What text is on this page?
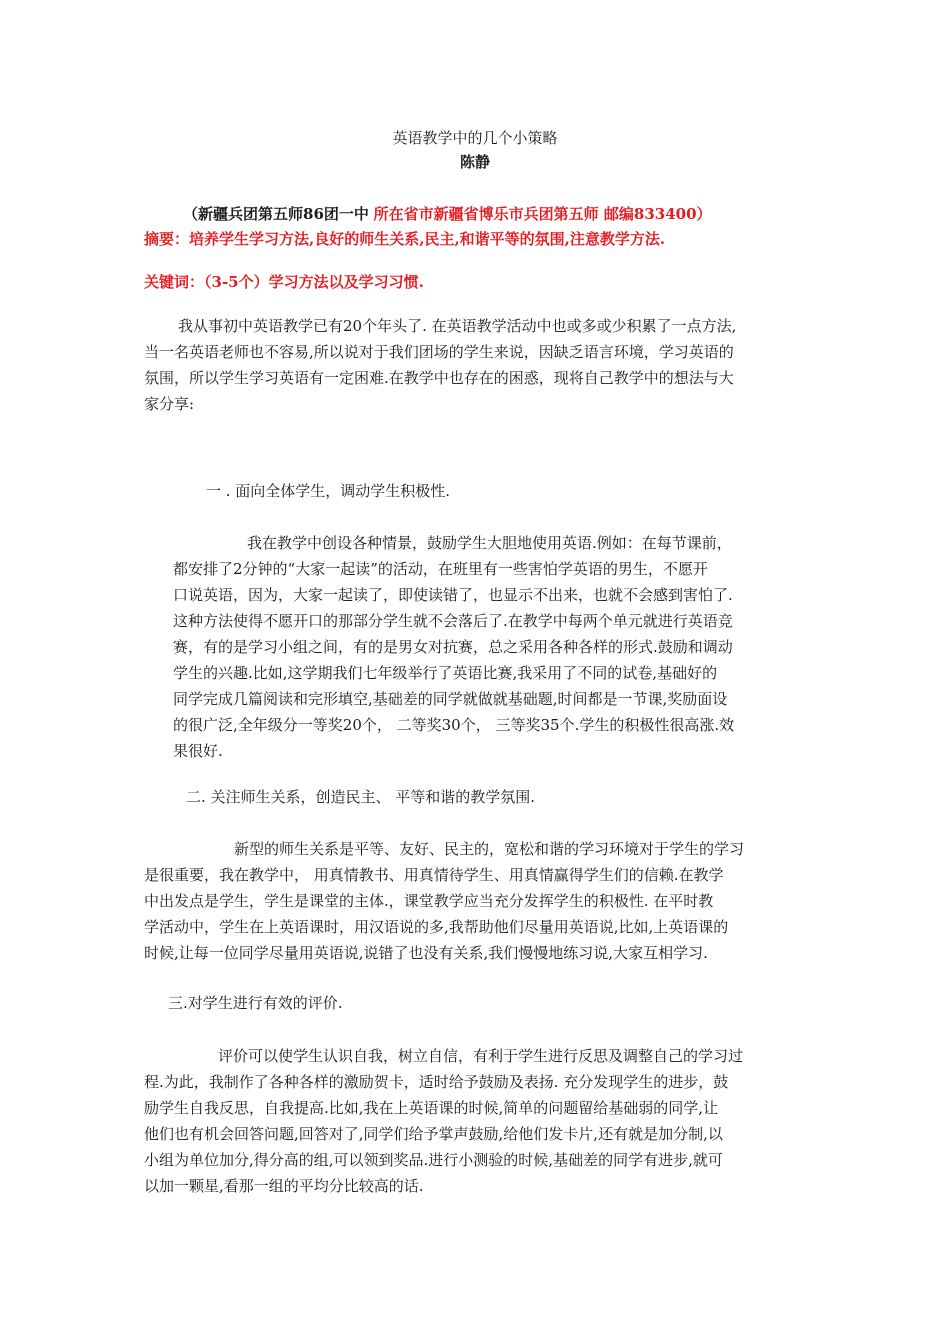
英语教学中的几个小策略

陈静

（新疆兵团第五师86团一中 所在省市新疆省博乐市兵团第五师 邮编833400）

摘要：培养学生学习方法,良好的师生关系,民主,和谐平等的氛围,注意教学方法.

关键词：（3-5个）学习方法以及学习习惯.

我从事初中英语教学已有20个年头了. 在英语教学活动中也或多或少积累了一点方法,
当一名英语老师也不容易,所以说对于我们团场的学生来说，因缺乏语言环境，学习英语的
氛围，所以学生学习英语有一定困难.在教学中也存在的困惑，现将自己教学中的想法与大
家分享:

一 . 面向全体学生，调动学生积极性.

我在教学中创设各种情景，鼓励学生大胆地使用英语.例如：在每节课前，
都安排了2分钟的“大家一起读”的活动，在班里有一些害怕学英语的男生，不愿开
口说英语，因为，大家一起读了，即使读错了，也显示不出来，也就不会感到害怕了.
这种方法使得不愿开口的那部分学生就不会落后了.在教学中每两个单元就进行英语竞
赛，有的是学习小组之间，有的是男女对抗赛，总之采用各种各样的形式.鼓励和调动
学生的兴趣.比如,这学期我们七年级举行了英语比赛,我采用了不同的试卷,基础好的
同学完成几篇阅读和完形填空,基础差的同学就做就基础题,时间都是一节课,奖励面设
的很广泛,全年级分一等奖20个， 二等奖30个， 三等奖35个.学生的积极性很高涨.效
果很好.

二. 关注师生关系，创造民主、 平等和谐的教学氛围.

新型的师生关系是平等、友好、民主的，宽松和谐的学习环境对于学生的学习
是很重要，我在教学中， 用真情教书、用真情待学生、用真情赢得学生们的信赖.在教学
中出发点是学生，学生是课堂的主体.，课堂教学应当充分发挥学生的积极性. 在平时教
学活动中，学生在上英语课时，用汉语说的多,我帮助他们尽量用英语说,比如,上英语课的
时候,让每一位同学尽量用英语说,说错了也没有关系,我们慢慢地练习说,大家互相学习.

三.对学生进行有效的评价.

评价可以使学生认识自我，树立自信，有利于学生进行反思及调整自己的学习过
程.为此，我制作了各种各样的激励贺卡，适时给予鼓励及表扬. 充分发现学生的进步，鼓
励学生自我反思，自我提高.比如,我在上英语课的时候,简单的问题留给基础弱的同学,让
他们也有机会回答问题,回答对了,同学们给予掌声鼓励,给他们发卡片,还有就是加分制,以
小组为单位加分,得分高的组,可以领到奖品.进行小测验的时候,基础差的同学有进步,就可
以加一颗星,看那一组的平均分比较高的话.
